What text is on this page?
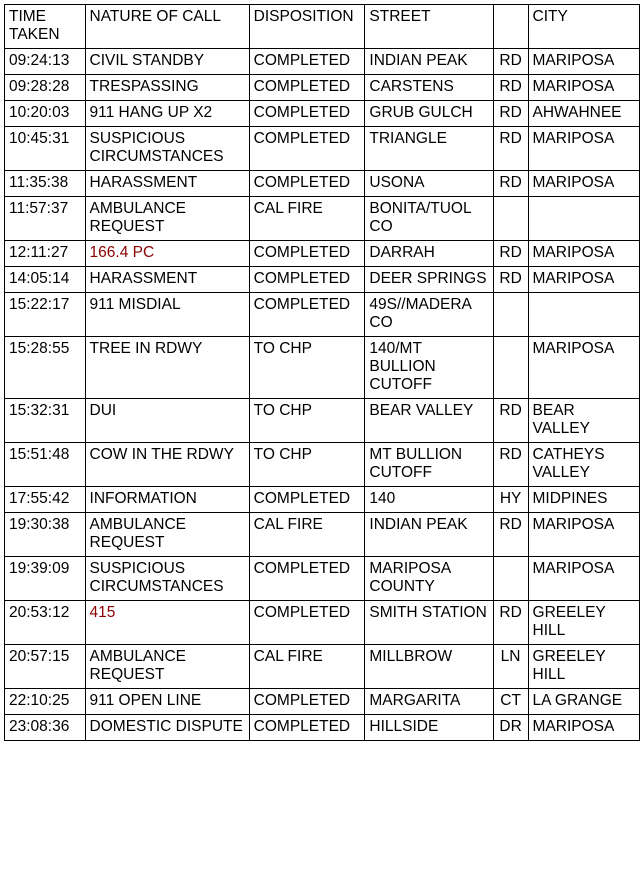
TIME TAKEN	NATURE OF CALL	DISPOSITION	STREET		CITY
09:24:13	CIVIL STANDBY	COMPLETED	INDIAN PEAK	RD	MARIPOSA
09:28:28	TRESPASSING	COMPLETED	CARSTENS	RD	MARIPOSA
10:20:03	911 HANG UP X2	COMPLETED	GRUB GULCH	RD	AHWAHNEE
10:45:31	SUSPICIOUS CIRCUMSTANCES	COMPLETED	TRIANGLE	RD	MARIPOSA
11:35:38	HARASSMENT	COMPLETED	USONA	RD	MARIPOSA
11:57:37	AMBULANCE REQUEST	CAL FIRE	BONITA/TUOL CO		
12:11:27	166.4 PC	COMPLETED	DARRAH	RD	MARIPOSA
14:05:14	HARASSMENT	COMPLETED	DEER SPRINGS	RD	MARIPOSA
15:22:17	911 MISDIAL	COMPLETED	49S//MADERA CO		
15:28:55	TREE IN RDWY	TO CHP	140/MT BULLION CUTOFF		MARIPOSA
15:32:31	DUI	TO CHP	BEAR VALLEY	RD	BEAR VALLEY
15:51:48	COW IN THE RDWY	TO CHP	MT BULLION CUTOFF	RD	CATHEYS VALLEY
17:55:42	INFORMATION	COMPLETED	140	HY	MIDPINES
19:30:38	AMBULANCE REQUEST	CAL FIRE	INDIAN PEAK	RD	MARIPOSA
19:39:09	SUSPICIOUS CIRCUMSTANCES	COMPLETED	MARIPOSA COUNTY		MARIPOSA
20:53:12	415	COMPLETED	SMITH STATION	RD	GREELEY HILL
20:57:15	AMBULANCE REQUEST	CAL FIRE	MILLBROW	LN	GREELEY HILL
22:10:25	911 OPEN LINE	COMPLETED	MARGARITA	CT	LA GRANGE
23:08:36	DOMESTIC DISPUTE	COMPLETED	HILLSIDE	DR	MARIPOSA
